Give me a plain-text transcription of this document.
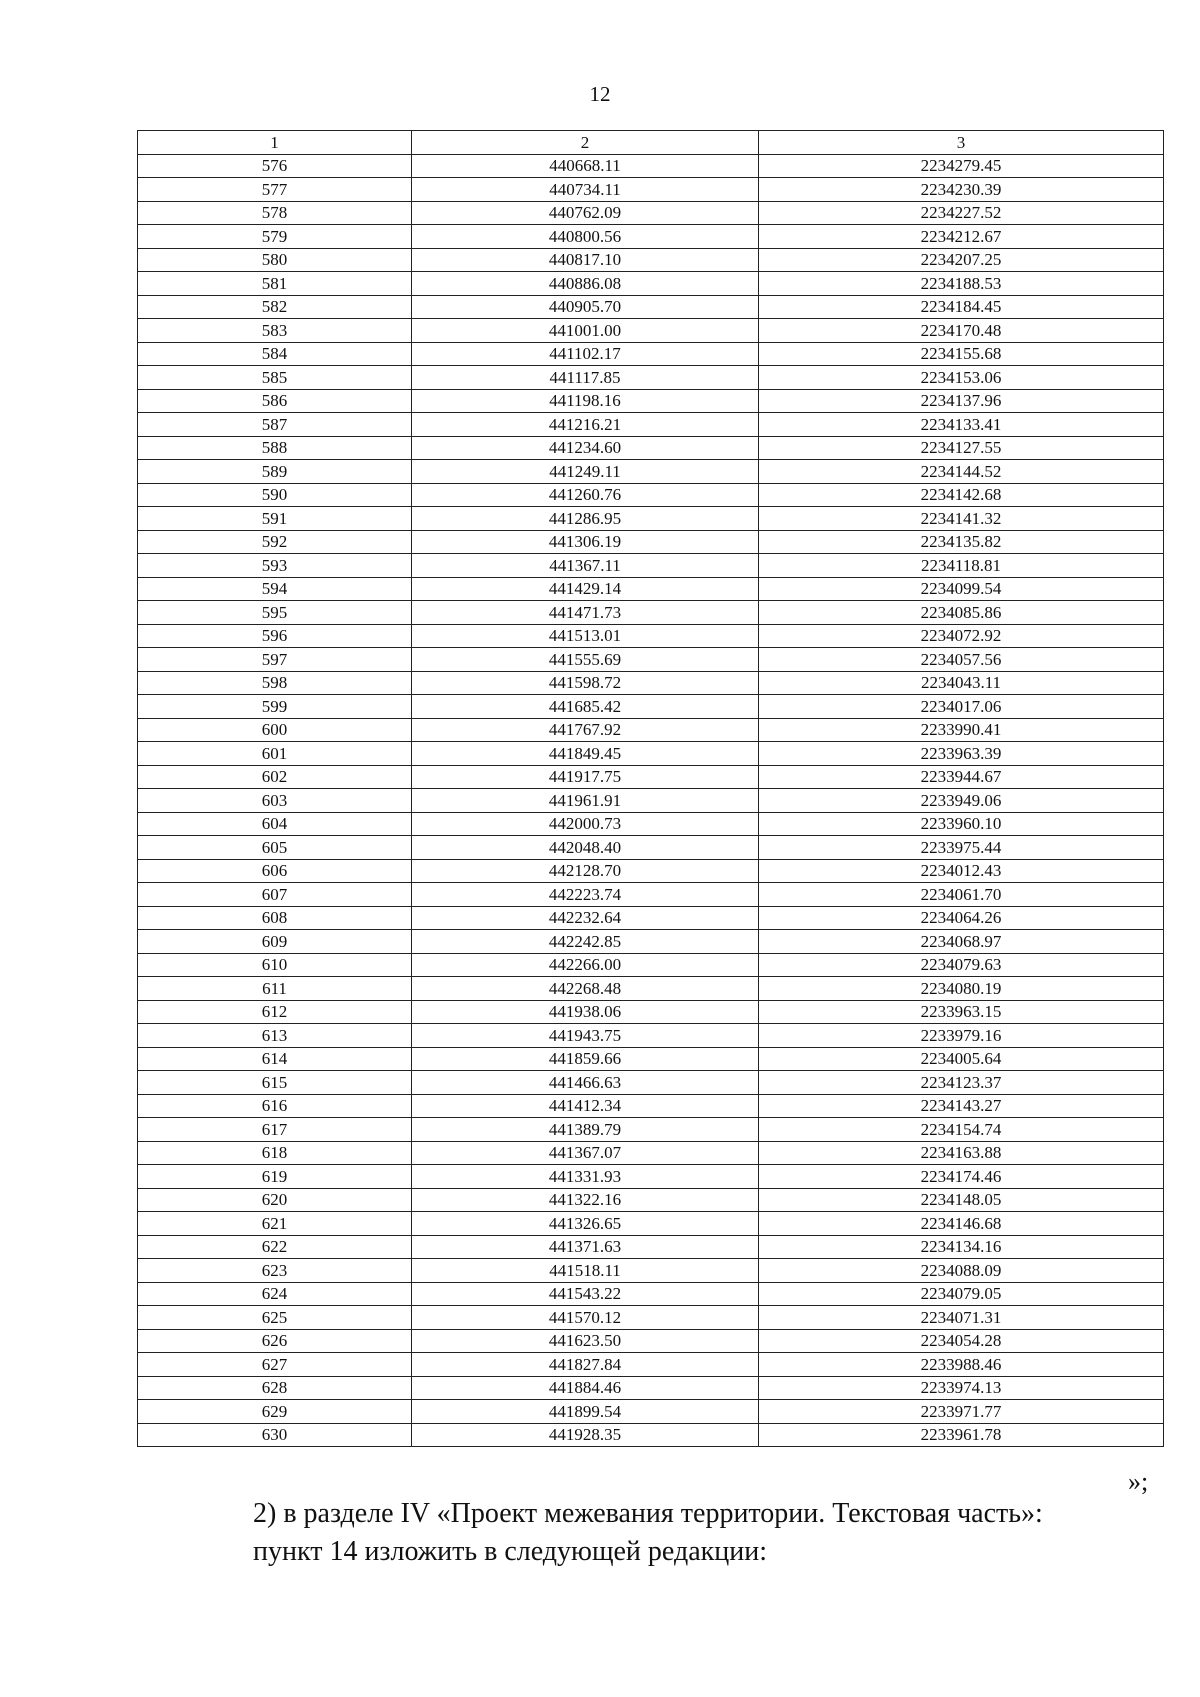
12
1	2	3
576	440668.11	2234279.45
577	440734.11	2234230.39
578	440762.09	2234227.52
579	440800.56	2234212.67
580	440817.10	2234207.25
581	440886.08	2234188.53
582	440905.70	2234184.45
583	441001.00	2234170.48
584	441102.17	2234155.68
585	441117.85	2234153.06
586	441198.16	2234137.96
587	441216.21	2234133.41
588	441234.60	2234127.55
589	441249.11	2234144.52
590	441260.76	2234142.68
591	441286.95	2234141.32
592	441306.19	2234135.82
593	441367.11	2234118.81
594	441429.14	2234099.54
595	441471.73	2234085.86
596	441513.01	2234072.92
597	441555.69	2234057.56
598	441598.72	2234043.11
599	441685.42	2234017.06
600	441767.92	2233990.41
601	441849.45	2233963.39
602	441917.75	2233944.67
603	441961.91	2233949.06
604	442000.73	2233960.10
605	442048.40	2233975.44
606	442128.70	2234012.43
607	442223.74	2234061.70
608	442232.64	2234064.26
609	442242.85	2234068.97
610	442266.00	2234079.63
611	442268.48	2234080.19
612	441938.06	2233963.15
613	441943.75	2233979.16
614	441859.66	2234005.64
615	441466.63	2234123.37
616	441412.34	2234143.27
617	441389.79	2234154.74
618	441367.07	2234163.88
619	441331.93	2234174.46
620	441322.16	2234148.05
621	441326.65	2234146.68
622	441371.63	2234134.16
623	441518.11	2234088.09
624	441543.22	2234079.05
625	441570.12	2234071.31
626	441623.50	2234054.28
627	441827.84	2233988.46
628	441884.46	2233974.13
629	441899.54	2233971.77
630	441928.35	2233961.78
»;
2) в разделе IV «Проект межевания территории. Текстовая часть»:
пункт 14 изложить в следующей редакции:
